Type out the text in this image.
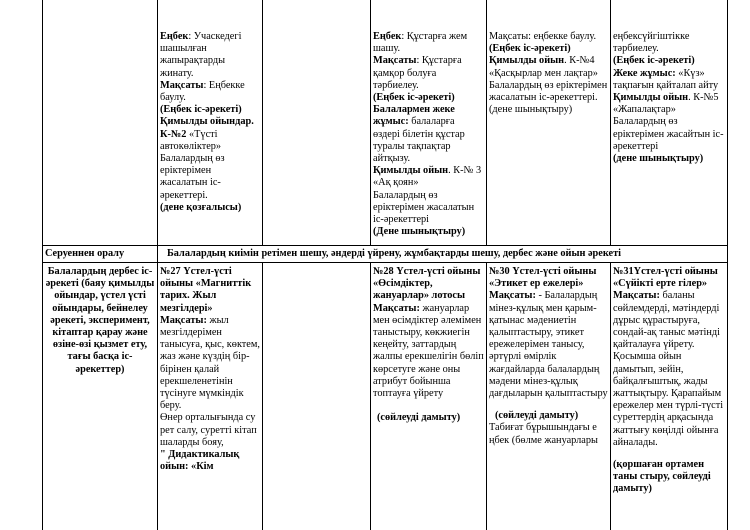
Еңбек: Учаскедегі шашылған жапырақтарды жинату.

Мақсаты: Еңбекке баулу.

(Еңбек іс-әрекеті)

Қимылды ойындар.

К-№2 «Түсті автокөліктер»

Балалардың өз еріктерімен жасалатын іс-әрекеттері.

(дене қозғалысы)

Еңбек: Құстарға жем шашу.

Мақсаты: Құстарға қамқор болуға тәрбиелеу.

(Еңбек іс-әрекеті)

Балалармен жеке жұмыс: балаларға өздері білетін құстар туралы тақпақтар айтқызу.

Қимылды ойын. К-№ 3 «Ақ қоян»

Балалардың өз еріктерімен жасалатын іс-әрекеттері

(Дене шынықтыру)

Мақсаты: еңбекке баулу.

(Еңбек іс-әрекеті)

Қимылды ойын. К-№4 «Қасқырлар мен лақтар»

Балалардың өз еріктерімен жасалатын іс-әрекеттері.

(дене шынықтыру)

еңбексүйгіштікке тәрбиелеу.

(Еңбек іс-әрекеті)

Жеке жұмыс: «Күз» тақпағын қайталап айту

Қимылды ойын. К-№5 «Жапалақтар»

Балалардың өз еріктерімен жасайтын іс-әрекеттері

(дене шынықтыру)

Серуеннен оралу	Балалардың киімін ретімен шешу, әндерді үйрену, жұмбақтарды шешу, дербес және ойын әрекеті
Балалардың дербес іс-әрекеті (баяу қимылды ойындар, үстел үсті ойындары, бейнелеу әрекеті, эксперимент, кітаптар қарау және өзіне-өзі қызмет ету, тағы басқа іс-әрекеттер)

№27 Үстел-үсті ойыны «Магниттік тарих. Жыл мезгілдері»

Мақсаты: жыл мезгілдерімен танысуға, қыс, көктем, жаз және күздің бір-бірінен қалай ерекшеленетінін түсінуге мүмкіндік беру.

Өнер орталығында су рет салу, суретті кітап шаларды бояу,

" Дидактикалық ойын: «Кім

№28 Үстел-үсті ойыны «Өсімдіктер, жануарлар» лотосы

Мақсаты: жануарлар мен өсімдіктер әлемімен таныстыру, көкжиегін кеңейту, заттардың жалпы ерекшелігін бөліп көрсетуге және оны атрибут бойынша топтауға үйрету

(сөйлеуді дамыту)

№30 Үстел-үсті ойыны «Этикет ер ежелері» Мақсаты: - Балалардың мінез-құлық мен қарым-қатынас мәдениетін қалыптастыру, этикет ережелерімен танысу, әртүрлі өмірлік жағдайларда балалардың мәдени мінез-құлық дағдыларын қалыптастыру

(сөйлеуді дамыту)

Табиғат бұрышындағы е ңбек (бөлме жануарлары

№31Үстел-үсті ойыны «Сүйікті ерте гілер» Мақсаты: баланы сөйлемдерді, мәтіндерді дұрыс құрастыруға, сондай-ақ таныс мәтінді қайталауға үйрету. Қосымша ойын дамытып, зейін, байқалғыштық, жады жаттықтыру. Қарапайым ережелер мен түрлі-түсті суреттердің арқасында жаттығу көңілді ойынға айналады.

(қоршаған ортамен таны стыру, сөйлеуді дамыту)
